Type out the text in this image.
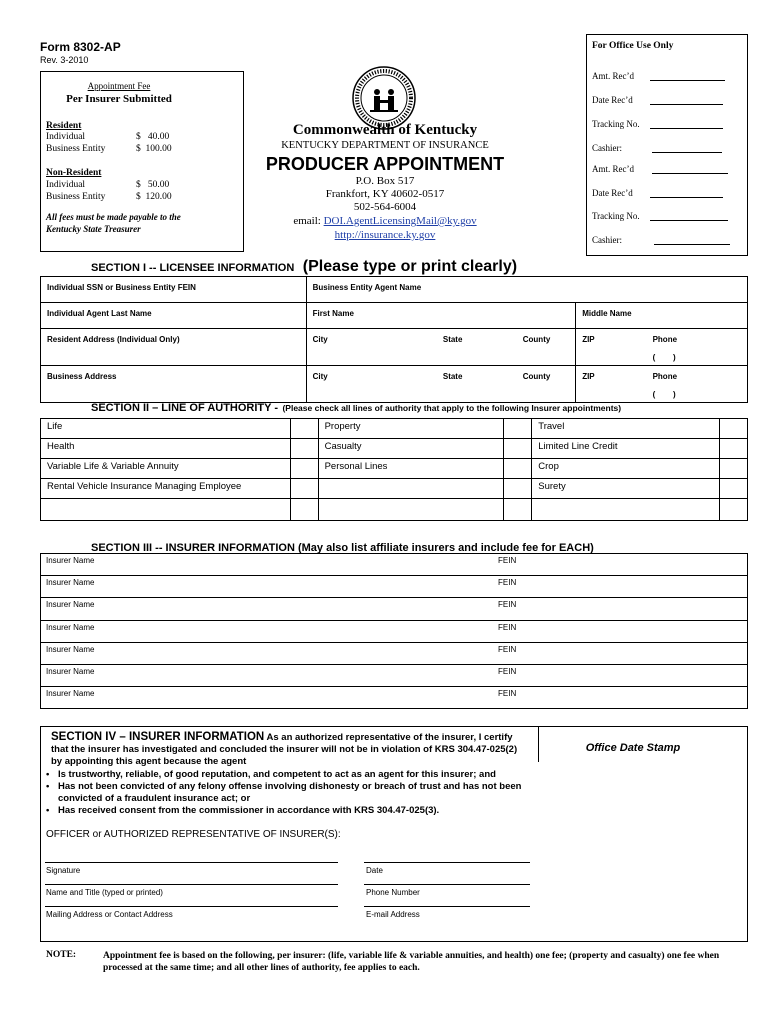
Form 8302-AP
Rev. 3-2010
Appointment Fee
Per Insurer Submitted
Resident
Individual	$   40.00
Business Entity	$  100.00
Non-Resident
Individual	$   50.00
Business Entity	$  120.00
All fees must be made payable to the Kentucky State Treasurer
Commonwealth of Kentucky
KENTUCKY DEPARTMENT OF INSURANCE
PRODUCER APPOINTMENT
P.O. Box 517
Frankfort, KY 40602-0517
502-564-6004
email: DOI.AgentLicensingMail@ky.gov
http://insurance.ky.gov
For Office Use Only
Amt. Rec’d
Date Rec’d
Tracking No.
Cashier:
Amt. Rec’d
Date Rec’d
Tracking No.
Cashier:
SECTION I -- LICENSEE INFORMATION (Please type or print clearly)
Individual SSN or Business Entity FEIN	Business Entity Agent Name				
Individual Agent Last Name	First Name			Middle Name	
Resident Address (Individual Only)	City	State	County	ZIP	Phone
(        )
Business Address	City	State	County	ZIP	Phone
(        )
SECTION II – LINE OF AUTHORITY - (Please check all lines of authority that apply to the following Insurer appointments)
Life		Property		Travel	
Health		Casualty		Limited Line Credit	
Variable Life & Variable Annuity		Personal Lines		Crop	
Rental Vehicle Insurance Managing Employee				Surety	

SECTION III -- INSURER INFORMATION (May also list affiliate insurers and include fee for EACH)
Insurer Name	FEIN
Insurer Name	FEIN
Insurer Name	FEIN
Insurer Name	FEIN
Insurer Name	FEIN
Insurer Name	FEIN
Insurer Name	FEIN
Office Date Stamp
SECTION IV – INSURER INFORMATION As an authorized representative of the insurer, I certify that the insurer has investigated and concluded the insurer will not be in violation of KRS 304.47-025(2) by appointing this agent because the agent
• Is trustworthy, reliable, of good reputation, and competent to act as an agent for this insurer; and
• Has not been convicted of any felony offense involving dishonesty or breach of trust and has not been convicted of a fraudulent insurance act; or
• Has received consent from the commissioner in accordance with KRS 304.47-025(3).
OFFICER or AUTHORIZED REPRESENTATIVE OF INSURER(S):
Signature	Date
Name and Title (typed or printed)	Phone Number
Mailing Address or Contact Address	E-mail Address
NOTE:	Appointment fee is based on the following, per insurer: (life, variable life & variable annuities, and health) one fee; (property and casualty) one fee when processed at the same time; and all other lines of authority, fee applies to each.
